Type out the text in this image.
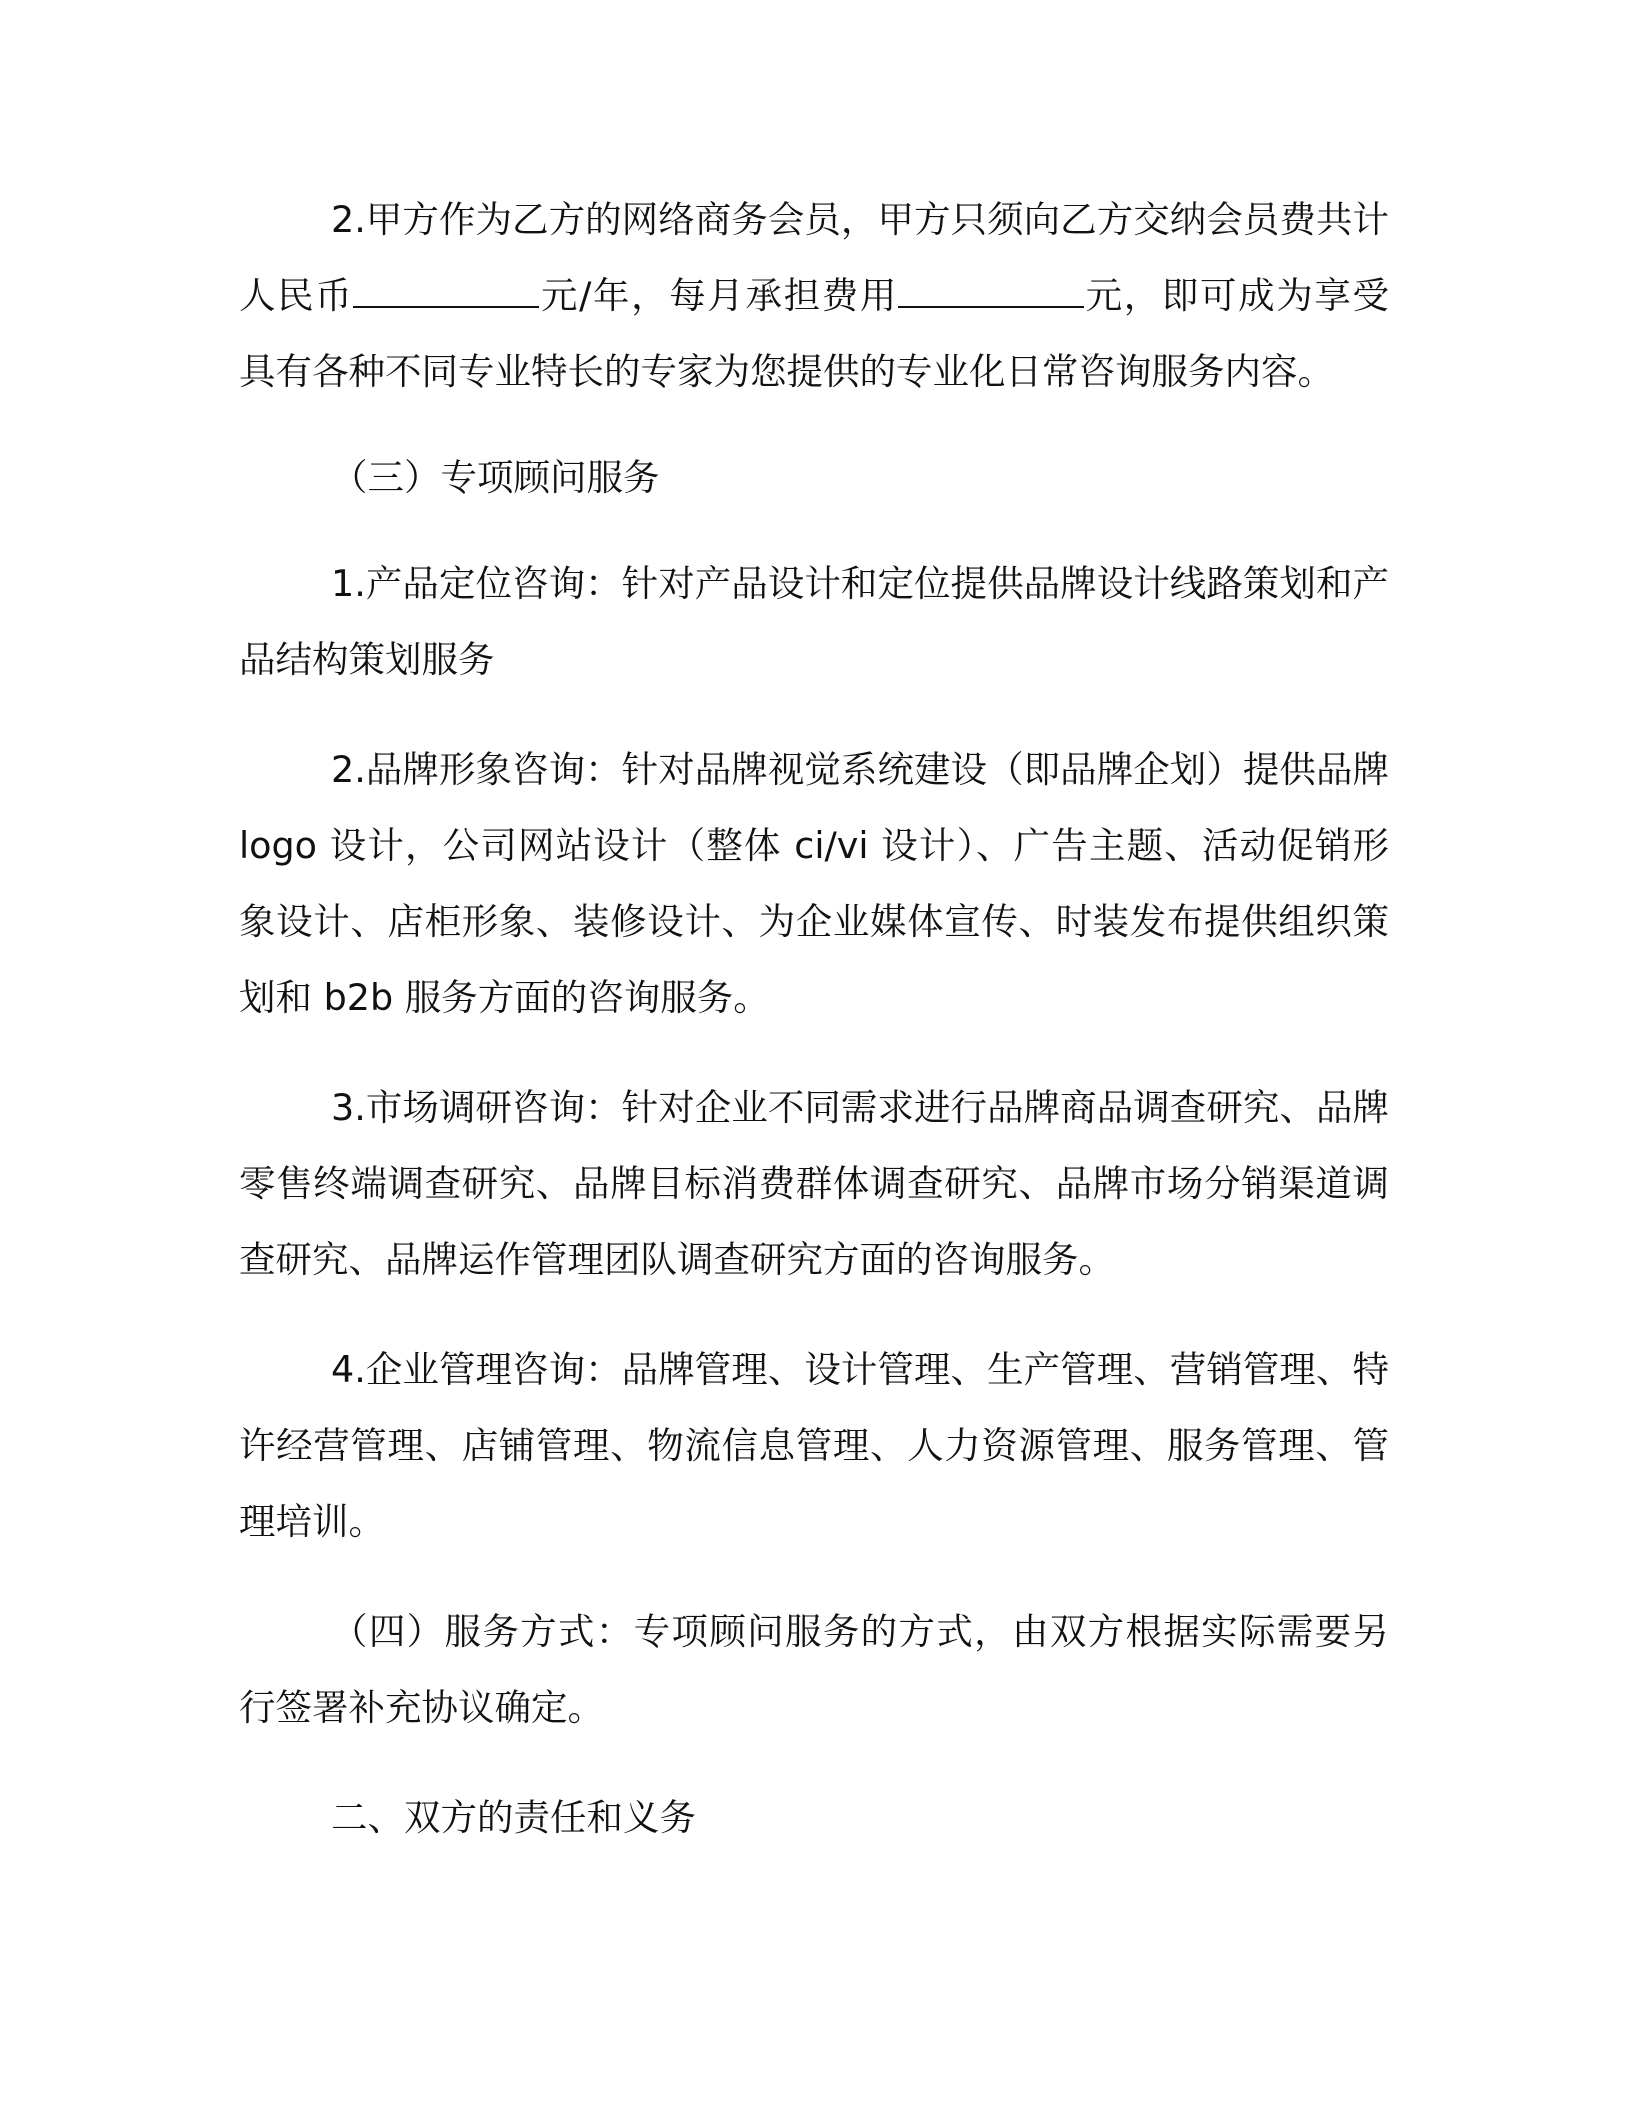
2.甲方作为乙方的网络商务会员，甲方只须向乙方交纳会员费共计人民币	元/年，每月承担费用	元，即可成为享受具有各种不同专业特长的专家为您提供的专业化日常咨询服务内容。

（三）专项顾问服务

1.产品定位咨询：针对产品设计和定位提供品牌设计线路策划和产品结构策划服务

2.品牌形象咨询：针对品牌视觉系统建设（即品牌企划）提供品牌 logo 设计，公司网站设计（整体 ci/vi 设计）、广告主题、活动促销形象设计、店柜形象、装修设计、为企业媒体宣传、时装发布提供组织策划和 b2b 服务方面的咨询服务。

3.市场调研咨询：针对企业不同需求进行品牌商品调查研究、品牌零售终端调查研究、品牌目标消费群体调查研究、品牌市场分销渠道调查研究、品牌运作管理团队调查研究方面的咨询服务。

4.企业管理咨询：品牌管理、设计管理、生产管理、营销管理、特许经营管理、店铺管理、物流信息管理、人力资源管理、服务管理、管理培训。

（四）服务方式：专项顾问服务的方式，由双方根据实际需要另行签署补充协议确定。

二、双方的责任和义务
